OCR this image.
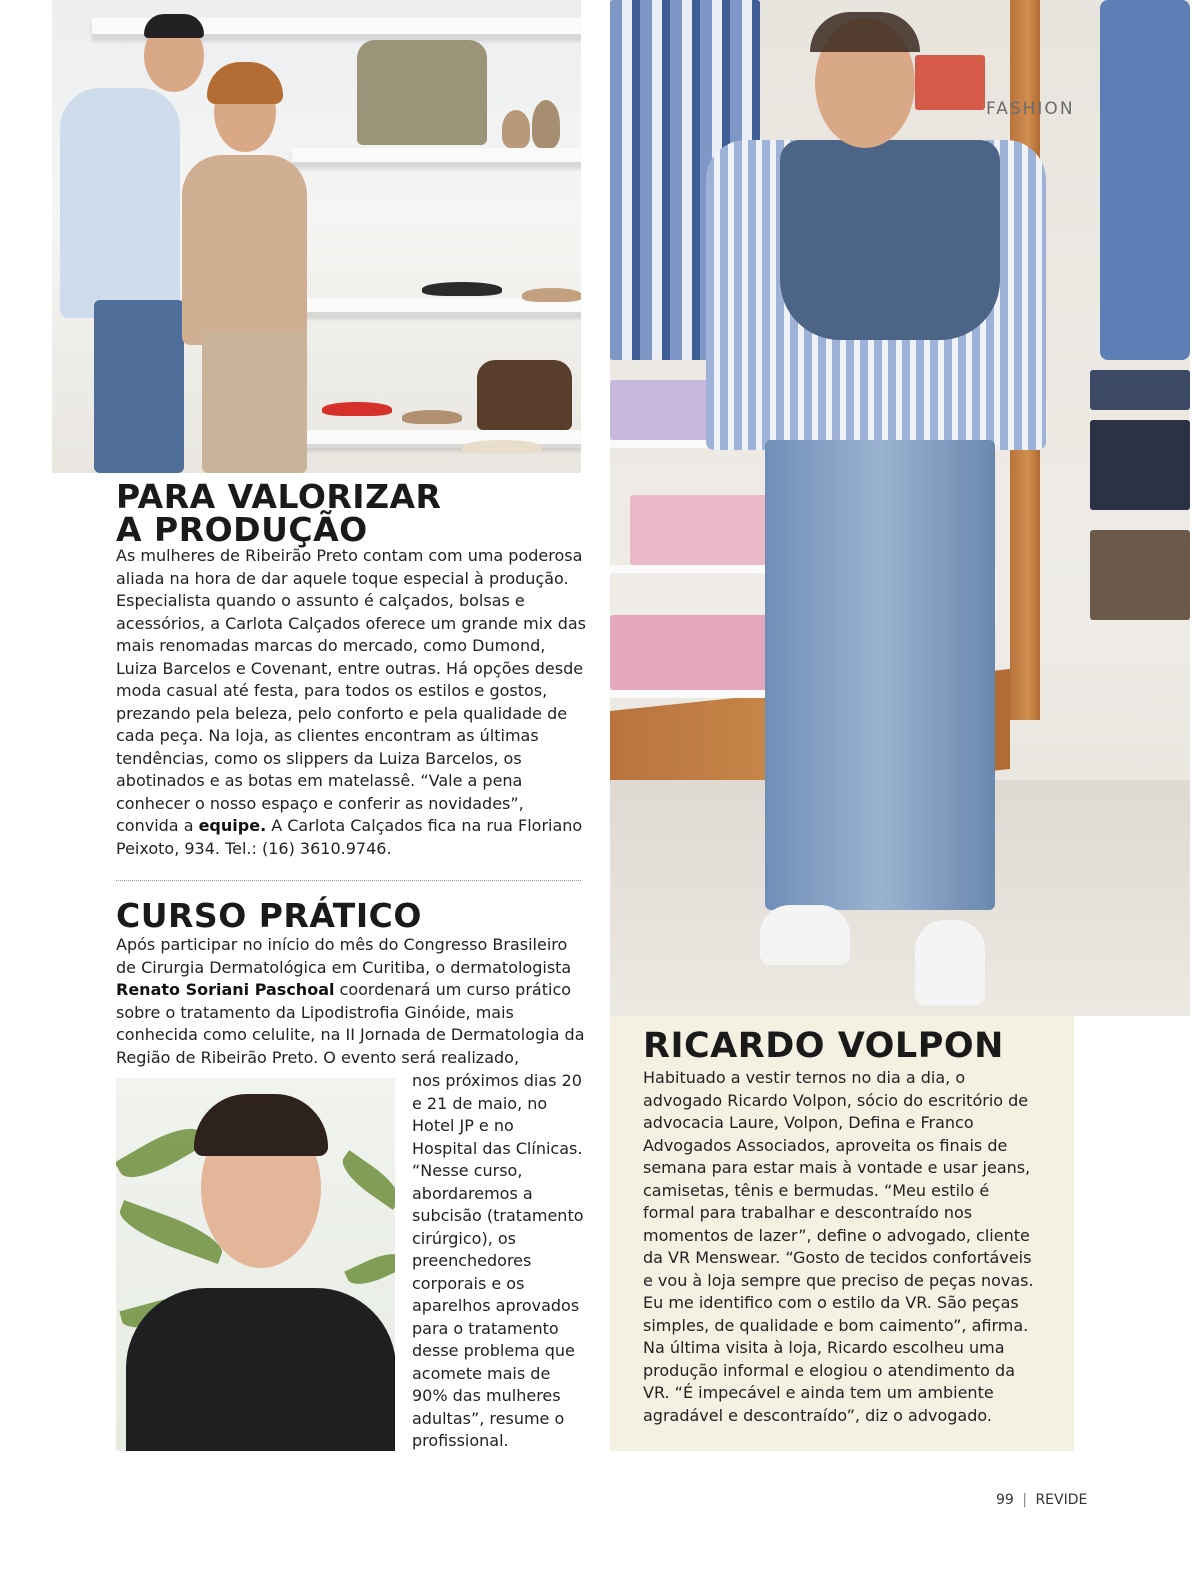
FASHION
PARA VALORIZAR
A PRODUÇÃO
As mulheres de Ribeirão Preto contam com uma poderosa aliada na hora de dar aquele toque especial à produção. Especialista quando o assunto é calçados, bolsas e acessórios, a Carlota Calçados oferece um grande mix das mais renomadas marcas do mercado, como Dumond, Luiza Barcelos e Covenant, entre outras. Há opções desde moda casual até festa, para todos os estilos e gostos, prezando pela beleza, pelo conforto e pela qualidade de cada peça. Na loja, as clientes encontram as últimas tendências, como os slippers da Luiza Barcelos, os abotinados e as botas em matelassê. “Vale a pena conhecer o nosso espaço e conferir as novidades”, convida a equipe. A Carlota Calçados fica na rua Floriano Peixoto, 934. Tel.: (16) 3610.9746.
CURSO PRÁTICO
Após participar no início do mês do Congresso Brasileiro de Cirurgia Dermatológica em Curitiba, o dermatologista Renato Soriani Paschoal coordenará um curso prático sobre o tratamento da Lipodistrofia Ginóide, mais conhecida como celulite, na II Jornada de Dermatologia da Região de Ribeirão Preto. O evento será realizado,
nos próximos dias 20 e 21 de maio, no Hotel JP e no Hospital das Clínicas. “Nesse curso, abordaremos a subcisão (tratamento cirúrgico), os preenchedores corporais e os aparelhos aprovados para o tratamento desse problema que acomete mais de 90% das mulheres adultas”, resume o profissional.
RICARDO VOLPON
Habituado a vestir ternos no dia a dia, o advogado Ricardo Volpon, sócio do escritório de advocacia Laure, Volpon, Defina e Franco Advogados Associados, aproveita os finais de semana para estar mais à vontade e usar jeans, camisetas, tênis e bermudas. “Meu estilo é formal para trabalhar e descontraído nos momentos de lazer”, define o advogado, cliente da VR Menswear. “Gosto de tecidos confortáveis e vou à loja sempre que preciso de peças novas. Eu me identifico com o estilo da VR. São peças simples, de qualidade e bom caimento”, afirma. Na última visita à loja, Ricardo escolheu uma produção informal e elogiou o atendimento da VR. “É impecável e ainda tem um ambiente agradável e descontraído”, diz o advogado.
99 | REVIDE
